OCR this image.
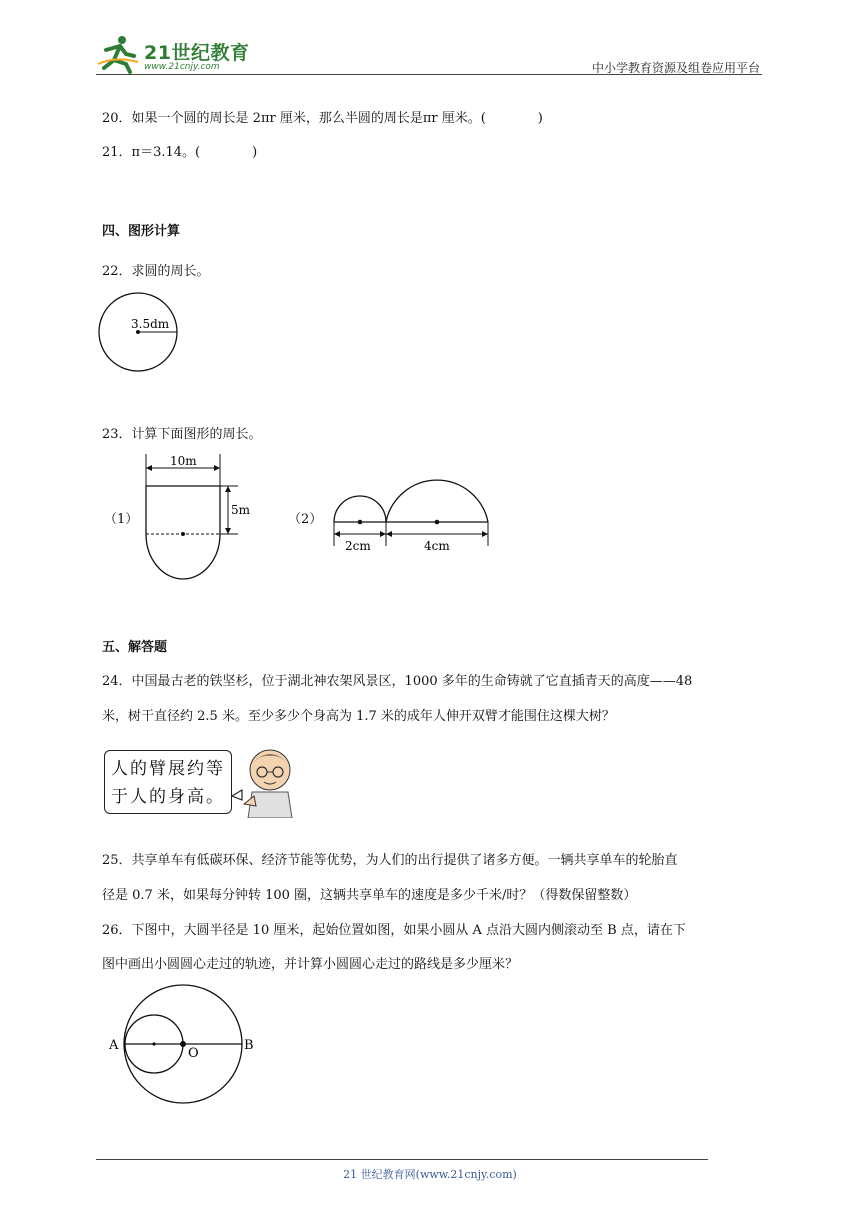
21世纪教育
www.21cnjy.com	中小学教育资源及组卷应用平台
20．如果一个圆的周长是 2πr 厘米，那么半圆的周长是πr 厘米。(　　　　)
21．π＝3.14。(　　　　)
四、图形计算
22．求圆的周长。
3.5dm
23．计算下面图形的周长。
（1）
10m
5m
（2）
2cm	4cm
五、解答题
24．中国最古老的铁坚杉，位于湖北神农架风景区，1000 多年的生命铸就了它直插青天的高度——48
米，树干直径约 2.5 米。至少多少个身高为 1.7 米的成年人伸开双臂才能围住这棵大树？
人的臂展约等
于人的身高。
25．共享单车有低碳环保、经济节能等优势，为人们的出行提供了诸多方便。一辆共享单车的轮胎直
径是 0.7 米，如果每分钟转 100 圈，这辆共享单车的速度是多少千米/时？（得数保留整数）
26．下图中，大圆半径是 10 厘米，起始位置如图，如果小圆从 A 点沿大圆内侧滚动至 B 点，请在下
图中画出小圆圆心走过的轨迹，并计算小圆圆心走过的路线是多少厘米？
A
O
B
21 世纪教育网(www.21cnjy.com)
